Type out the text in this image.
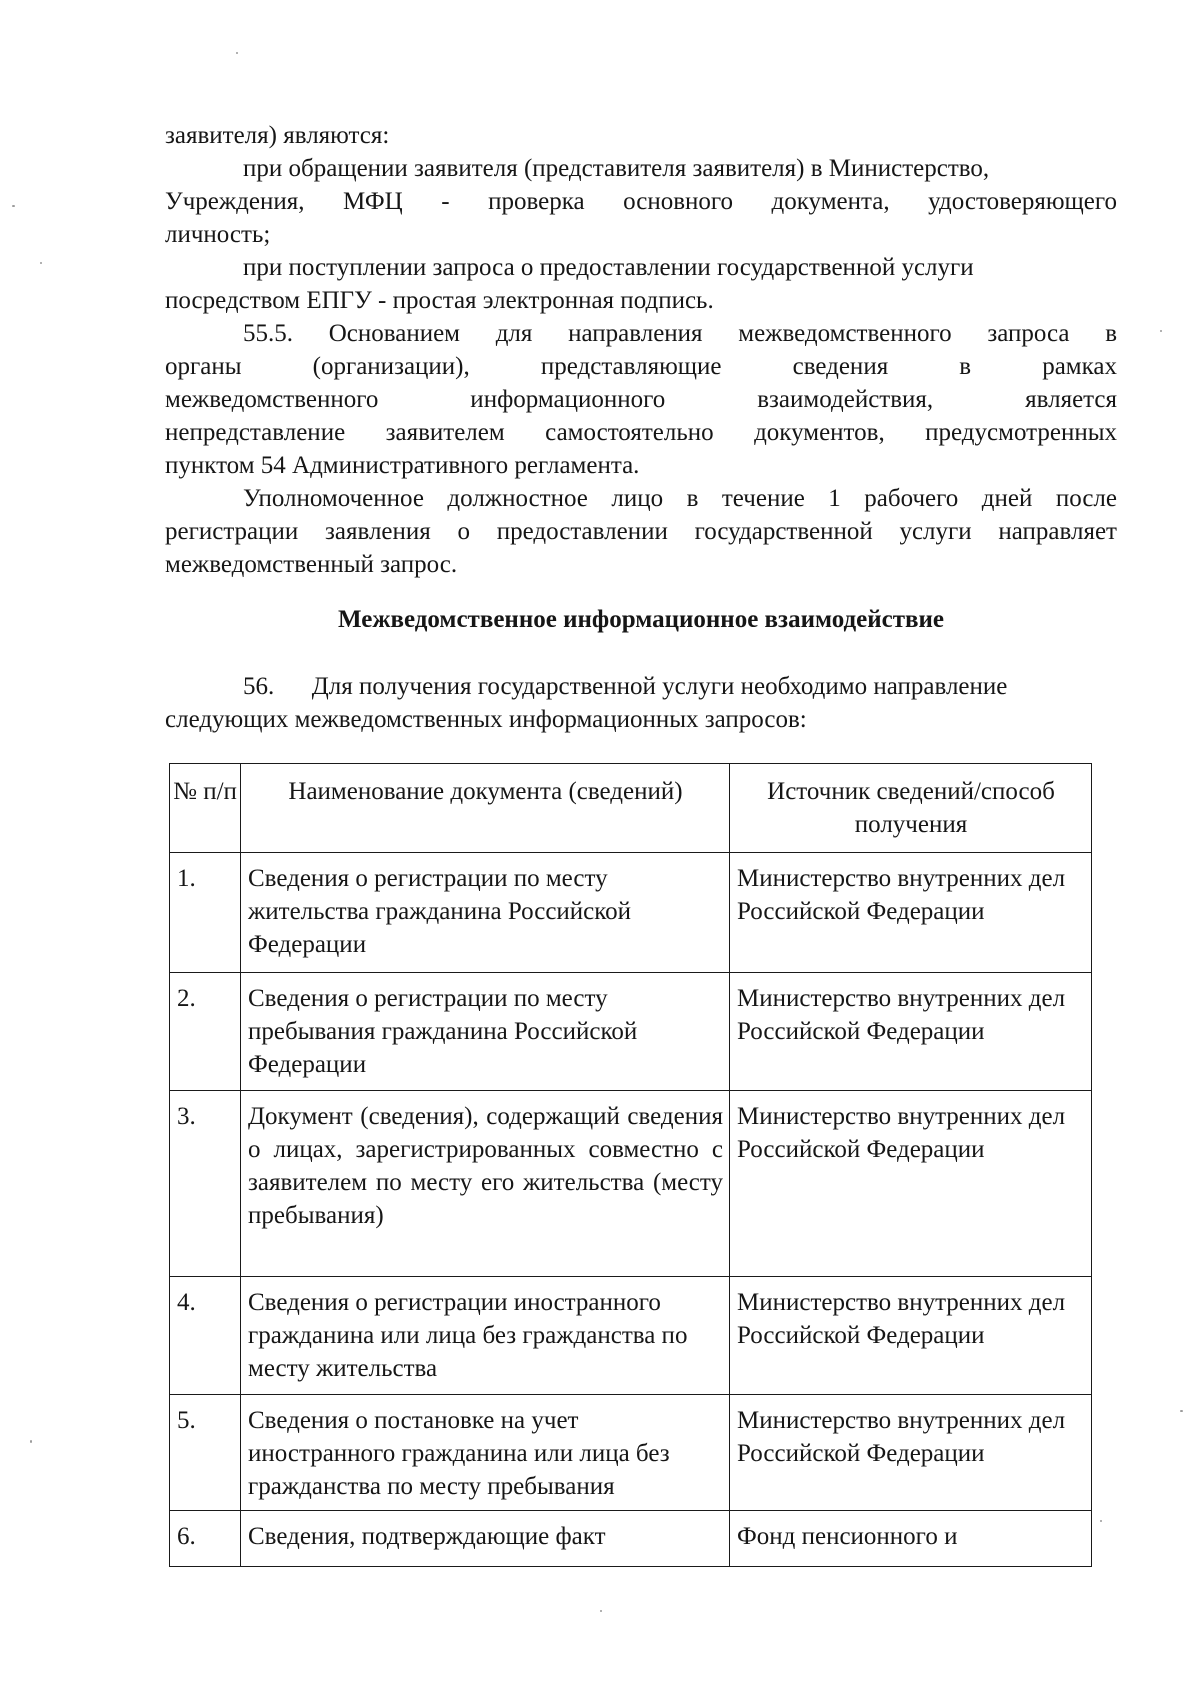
заявителя) являются:
при обращении заявителя (представителя заявителя) в Министерство,
Учреждения, МФЦ - проверка основного документа, удостоверяющего
личность;
при поступлении запроса о предоставлении государственной услуги
посредством ЕПГУ - простая электронная подпись.
55.5. Основанием для направления межведомственного запроса в
органы (организации), представляющие сведения в рамках
межведомственного информационного взаимодействия, является
непредставление заявителем самостоятельно документов, предусмотренных
пунктом 54 Административного регламента.
Уполномоченное должностное лицо в течение 1 рабочего дней после
регистрации заявления о предоставлении государственной услуги направляет
межведомственный запрос.
Межведомственное информационное взаимодействие
56.      Для получения государственной услуги необходимо направление
следующих межведомственных информационных запросов:
№ п/п	Наименование документа (сведений)	Источник сведений/способ получения
1.	Сведения о регистрации по месту жительства гражданина Российской Федерации	Министерство внутренних дел Российской Федерации
2.	Сведения о регистрации по месту пребывания гражданина Российской Федерации	Министерство внутренних дел Российской Федерации
3.	Документ (сведения), содержащий сведения о лицах, зарегистрированных совместно с заявителем по месту его жительства (месту пребывания)	Министерство внутренних дел Российской Федерации
4.	Сведения о регистрации иностранного гражданина или лица без гражданства по месту жительства	Министерство внутренних дел Российской Федерации
5.	Сведения о постановке на учет иностранного гражданина или лица без гражданства по месту пребывания	Министерство внутренних дел Российской Федерации
6.	Сведения, подтверждающие факт	Фонд пенсионного и
